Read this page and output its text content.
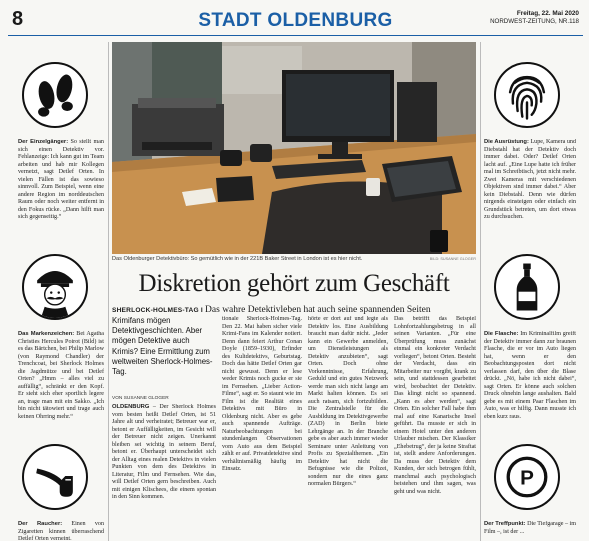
8	STADT OLDENBURG	Freitag, 22. Mai 2020
NORDWEST-ZEITUNG, NR.118
Der Einzelgänger: So stellt man sich einen Detektiv vor. Fehlanzeige: Ich kann gut im Team arbeiten und hab mir Kollegen vernetzt, sagt Detlef Orten. In vielen Fällen ist das sowieso sinnvoll. Zum Beispiel, wenn eine andere Region im norddeutschen Raum oder noch weiter entfernt in den Fokus rücke. „Dann hilft man sich gegenseitig.“
Das Markenzeichen: Bei Agatha Christies Hercules Poirot (Bild) ist es das Bärtchen, bei Philip Marlow (von Raymond Chandler) der Trenchcoat, bei Sherlock Holmes die Jagdmütze und bei Detlef Orten? „Hmm – alles viel zu auffällig“, schränkt er den Kopf. Er sieht sich eher sportlich legere an, trage man mit ein Sakko. „Ich bin nicht tätowiert und trage auch keinen Ohrring mehr.“
Der Raucher: Einen von Zigaretten kinnen überraschend Detlef Orten verneint.
Das Oldenburger Detektivbüro: So gemütlich wie in der 221B Baker Street in London ist es hier nicht.	BILD: SUSANNE GLOGER
Diskretion gehört zum Geschäft
SHERLOCK-HOLMES-TAG I Das wahre Detektivleben hat auch seine spannenden Seiten
Krimifans mögen Detektivgeschichten. Aber mögen Detektive auch Krimis? Eine Ermittlung zum weltweiten Sherlock-Holmes-Tag.
VON SUSANNE GLOGER
OLDENBURG – Der Sherlock Holmes vom besten heißt Detlef Orten, ist 51 Jahre alt und verheiratet; Betreuer war er, betont er Auffälligkeiten, im Gesicht will der Betreuer nicht zeigen. Unerkannt bleiben sei wichtig in seinem Beruf, betont er. Überhaupt unterscheidet sich der Alltag eines realen Detektivs in vielen Punkten von dem des Detektivs in Literatur, Film und Fernsehen. Wie das, will Detlef Orten gern beschreiben. Auch mit einigen Klischees, die einem spontan in den Sinn kommen.
tionale Sherlock-Holmes-Tag. Den 22. Mai haben sicher viele Krimi-Fans im Kalender notiert. Denn dann feiert Arthur Conan Doyle (1859–1930), Erfinder des Kultdetektivs, Geburtstag. Doch das hätte Detlef Orten gar nicht gewusst. Denn er lese weder Krimis noch gucke er sie im Fernsehen. „Lieber Action-Filme“, sagt er. So staunt wie im Film ist die Realität eines Detektivs mit Büro in Oldenburg nicht. Aber es gebe auch spannende Aufträge. Naturbeobachtungen bei stundenlangen Observationen vom Auto aus dem Beispiel zählt er auf. Privatdetektive sind verhältnismäßig häufig im Einsatz.
hörte er dort auf und legte als Detektiv los. Eine Ausbildung braucht man dafür nicht. „Jeder kann ein Gewerbe anmelden, um Dienstleistungen als Detektiv anzubieten“, sagt Orten. Doch ohne Vorkenntnisse, Erfahrung, Geduld und ein gutes Netzwerk werde man sich nicht lange am Markt halten können. Es sei auch ratsam, sich fortzubilden. Die Zentralstelle für die Ausbildung im Detektivgewerbe (ZAD) in Berlin biete Lehrgänge an. In der Branche gebe es aber auch immer wieder Seminare unter Anleitung von Profis zu Spezialthemen. „Ein Detektiv hat nicht die Befugnisse wie die Polizei, sondern nur die eines ganz normalen Bürgers.“
Das betrifft das Beispiel Lohnfortzahlungsbetrug in all seinen Varianten. „Für eine Überprüfung muss zunächst einmal ein konkreter Verdacht vorliegen“, betont Orten. Besteht der Verdacht, dass ein Mitarbeiter nur vorgibt, krank zu sein, und stattdessen gearbeitet wird, beobachtet der Detektiv. Das klingt nicht so spannend. „Kann es aber werden“, sagt Orten. Ein solcher Fall habe ihm mal auf eine Kanarische Insel geführt. Da musste er sich in einem Hotel unter den anderen Urlauber mischen. Der Klassiker „Ehebetrug“, der ja keine Straftat ist, stellt andere Anforderungen. Da muss der Detektiv dem Kunden, der sich betrogen fühlt, manchmal auch psychologisch beistehen und ihm sagen, was geht und was nicht.
Die Ausrüstung: Lupe, Kamera und Diebstahl hat der Detektiv doch immer dabei. Oder? Detlef Orten lacht auf. „Eine Lupe hatte ich früher mal im Schreibtisch, jetzt nicht mehr. Zwei Kameras mit verschiedenen Objektiven sind immer dabei.“ Aber kein Diebstahl. Denn wie dürfen nirgends einsteigen oder einfach ein Grundstück betreten, um dort etwas zu durchsuchen.
Die Flasche: Im Kriminalfilm greift der Detektiv immer dann zur braunen Flasche, die er vor im Auto liegen hat, wenn er den Beobachtungsposten dort nicht verlassen darf, den über die Blase drückt. „Nö, habe ich nicht dabei“, sagt Orten. Er könne auch solchen Druck ohnehin lange aushalten. Bald gebe es mit einem Paar Flaschen im Auto, was er hilfig. Dann musste ich eben kurz raus.
P
Der Treffpunkt: Die Tiefgarage – im Film –, ist der ...
